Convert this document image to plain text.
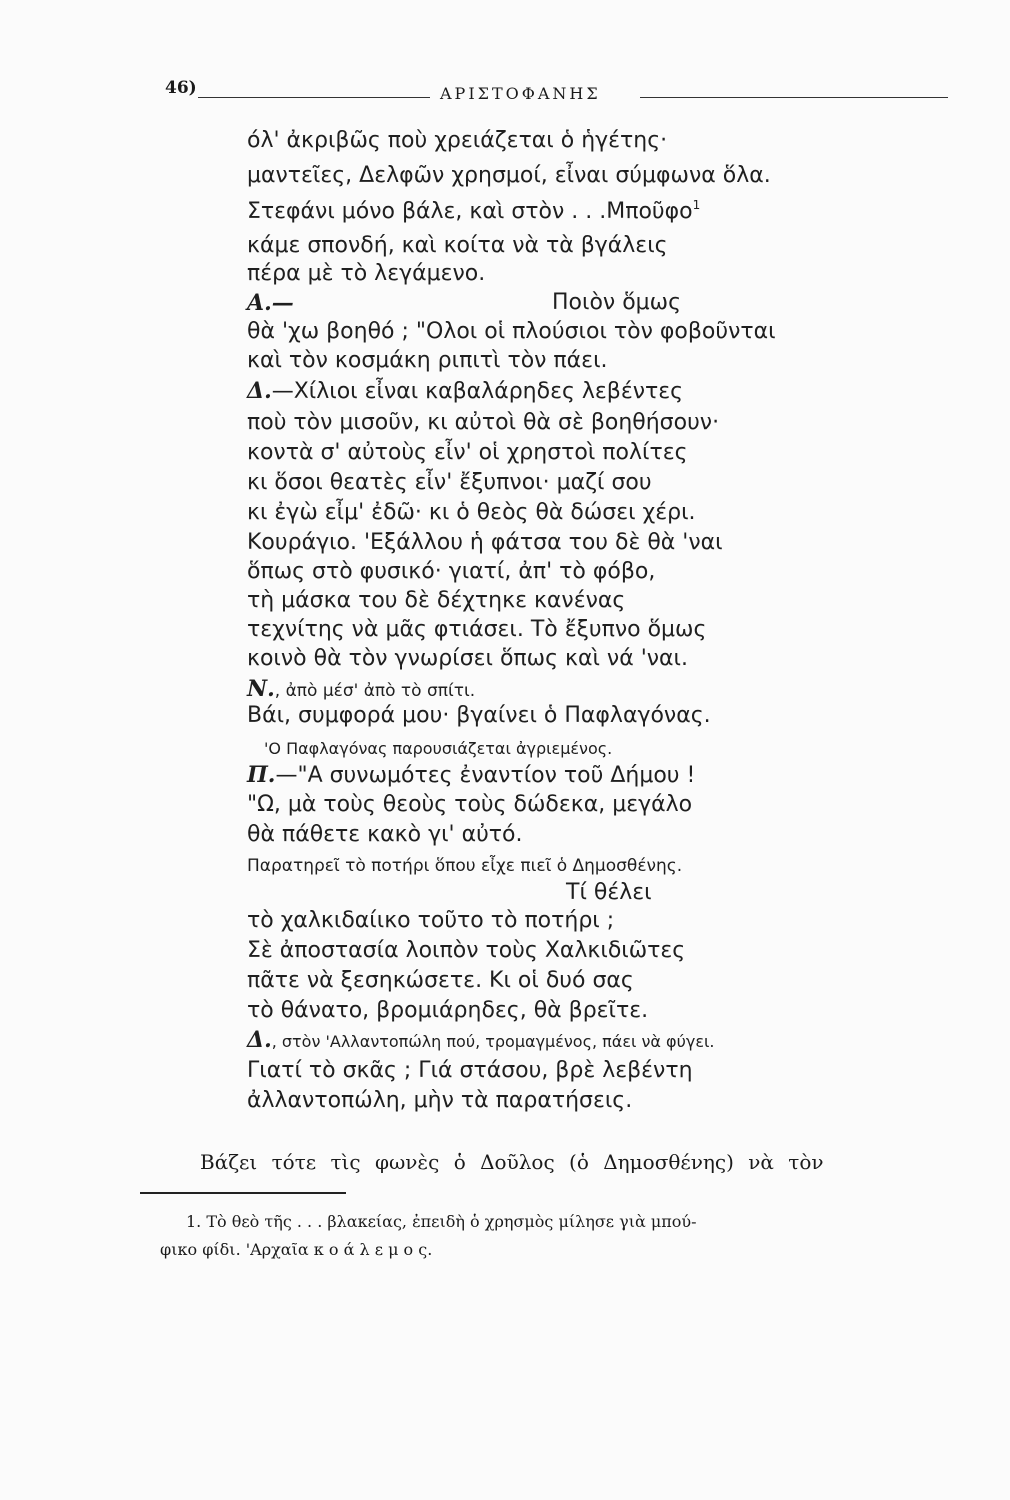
46)	ΑΡΙΣΤΟΦΑΝΗΣ
όλ' ἀκριβῶς ποὺ χρειάζεται ὁ ἡγέτης·
μαντεῖες, Δελφῶν χρησμοί, εἶναι σύμφωνα ὅλα.
Στεφάνι μόνο βάλε, καὶ στὸν . . .Μποῦφο$^1$
κάμε σπονδή, καὶ κοίτα νὰ τὰ βγάλεις
πέρα μὲ τὸ λεγάμενο.
Α.—	Ποιὸν ὅμως
θὰ 'χω βοηθό ; "Ολοι οἱ πλούσιοι τὸν φοβοῦνται
καὶ τὸν κοσμάκη ριπιτὶ τὸν πάει.
Δ.—Χίλιοι εἶναι καβαλάρηδες λεβέντες
ποὺ τὸν μισοῦν, κι αὐτοὶ θὰ σὲ βοηθήσουν·
κοντὰ σ' αὐτοὺς εἶν' οἱ χρηστοὶ πολίτες
κι ὅσοι θεατὲς εἶν' ἔξυπνοι· μαζί σου
κι ἐγὼ εἶμ' ἐδῶ· κι ὁ θεὸς θὰ δώσει χέρι.
Κουράγιο. 'Εξάλλου ἡ φάτσα του δὲ θὰ 'ναι
ὅπως στὸ φυσικό· γιατί, ἀπ' τὸ φόβο,
τὴ μάσκα του δὲ δέχτηκε κανένας
τεχνίτης νὰ μᾶς φτιάσει. Τὸ ἔξυπνο ὅμως
κοινὸ θὰ τὸν γνωρίσει ὅπως καὶ νά 'ναι.
Ν., ἀπὸ μέσ' ἀπὸ τὸ σπίτι.
Βάι, συμφορά μου· βγαίνει ὁ Παφλαγόνας.
'Ο Παφλαγόνας παρουσιάζεται ἀγριεμένος.
Π.—"Α συνωμότες ἐναντίον τοῦ Δήμου !
"Ω, μὰ τοὺς θεοὺς τοὺς δώδεκα, μεγάλο
θὰ πάθετε κακὸ γι' αὐτό.
Παρατηρεῖ τὸ ποτήρι ὅπου εἶχε πιεῖ ὁ Δημοσθένης.
Τί θέλει
τὸ χαλκιδαίικο τοῦτο τὸ ποτήρι ;
Σὲ ἀποστασία λοιπὸν τοὺς Χαλκιδιῶτες
πᾶτε νὰ ξεσηκώσετε. Κι οἱ δυό σας
τὸ θάνατο, βρομιάρηδες, θὰ βρεῖτε.
Δ., στὸν 'Αλλαντοπώλη πού, τρομαγμένος, πάει νὰ φύγει.
Γιατί τὸ σκᾶς ; Γιά στάσου, βρὲ λεβέντη
ἀλλαντοπώλη, μὴν τὰ παρατήσεις.
Βάζει τότε τὶς φωνὲς ὁ Δοῦλος (ὁ Δημοσθένης) νὰ τὸν
1. Τὸ θεὸ τῆς . . . βλακείας, ἐπειδὴ ὁ χρησμὸς μίλησε γιὰ μπού-
φικο φίδι. 'Αρχαῖα κ ο ά λ ε μ ο ς.
